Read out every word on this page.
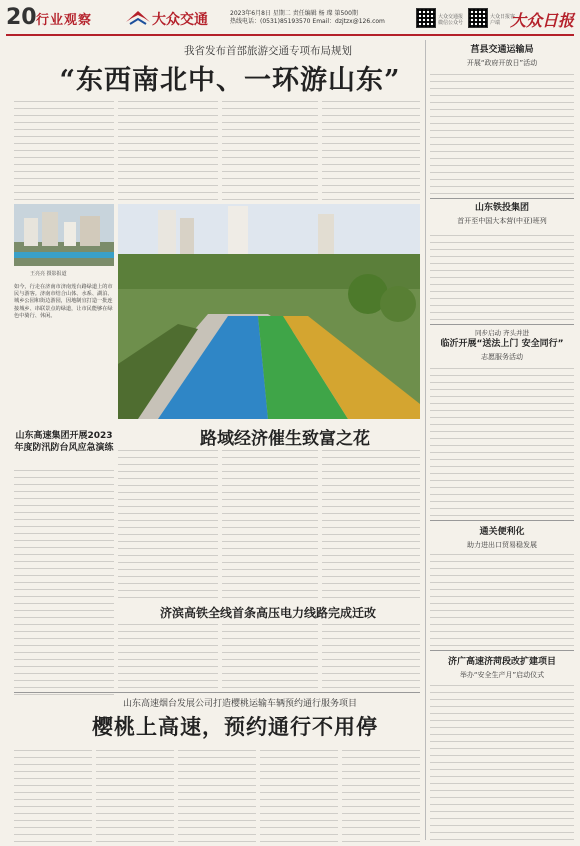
20 行业观察	大众交通	2023年6月8日 星期二 责任编辑 杨 璨 第500期
热线电话：(0531)85193570 Email：dzjtzx@126.com
大众交通报微信公众号
大众日报客户端 大众日报
我省发布首部旅游交通专项布局规划
“东西南北中、一环游山东”
王亮亮 摄影报道
如今，行走在济南市济南莲台路绿道上的市民与游客。济南市结合山体、水系、湖泊、城乡公园和街边游园，因地制宜打造一批连接城乡、串联景点的绿道，让市民能够在绿色中骑行、休闲。
山东高速集团开展2023年度防汛防台风应急演练	路域经济催生致富之花
济滨高铁全线首条高压电力线路完成迁改
山东高速烟台发展公司打造樱桃运输车辆预约通行服务项目
樱桃上高速，预约通行不用停
莒县交通运输局
开展“政府开放日”活动
山东铁投集团
首开至中国大本营(中亚)班列
同步启动 齐头并进
临沂开展“送法上门 安全同行”
志愿服务活动
通关便利化
助力进出口贸易稳发展
济广高速济菏段改扩建项目
举办“安全生产月”启动仪式
